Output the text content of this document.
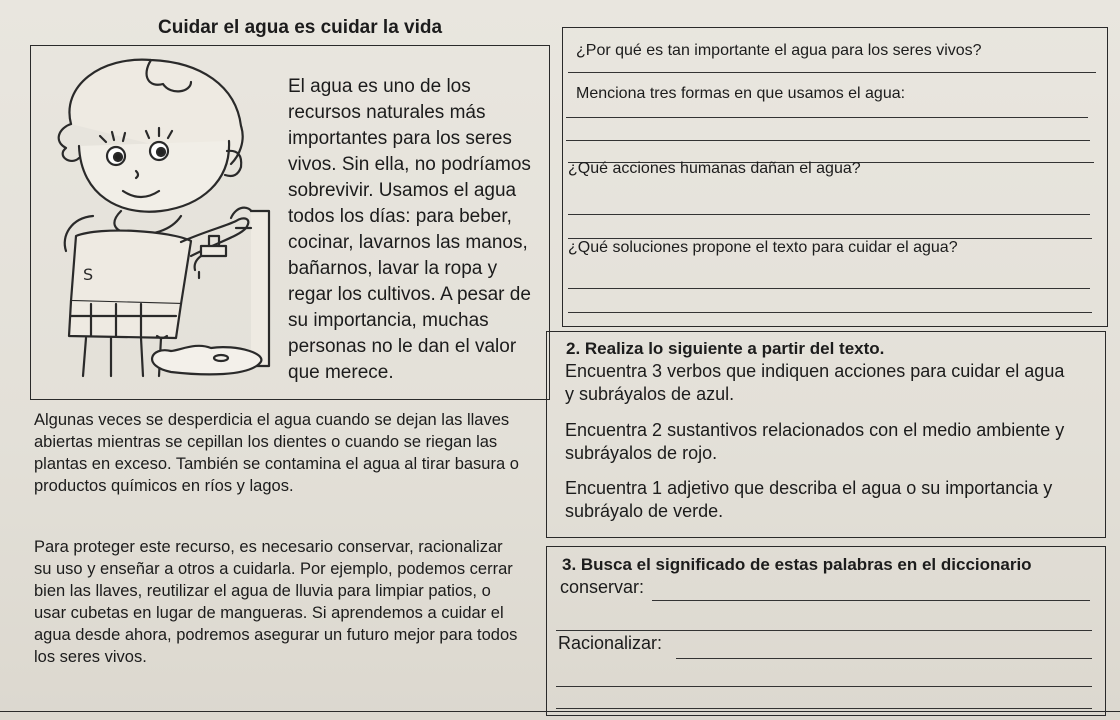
Cuidar el agua es cuidar la vida
S
El agua es uno de los
recursos naturales más
importantes para los seres
vivos. Sin ella, no podríamos
sobrevivir. Usamos el agua
todos los días: para beber,
cocinar, lavarnos las manos,
bañarnos, lavar la ropa y
regar los cultivos. A pesar de
su importancia, muchas
personas no le dan el valor
que merece.
Algunas veces se desperdicia el agua cuando se dejan las llaves
abiertas mientras se cepillan los dientes o cuando se riegan las
plantas en exceso. También se contamina el agua al tirar basura o
productos químicos en ríos y lagos.
Para proteger este recurso, es necesario conservar, racionalizar
su uso y enseñar a otros a cuidarla. Por ejemplo, podemos cerrar
bien las llaves, reutilizar el agua de lluvia para limpiar patios, o
usar cubetas en lugar de mangueras. Si aprendemos a cuidar el
agua desde ahora, podremos asegurar un futuro mejor para todos
los seres vivos.
¿Por qué es tan importante el agua para los seres vivos?
Menciona tres formas en que usamos el agua:
¿Qué acciones humanas dañan el agua?
¿Qué soluciones propone el texto para cuidar el agua?
2. Realiza lo siguiente a partir del texto.
Encuentra 3 verbos que indiquen acciones para cuidar el agua
y subráyalos de azul.
Encuentra 2 sustantivos relacionados con el medio ambiente y
subráyalos de rojo.
Encuentra 1 adjetivo que describa el agua o su importancia y
subráyalo de verde.
3. Busca el significado de estas palabras en el diccionario
conservar:
Racionalizar:
